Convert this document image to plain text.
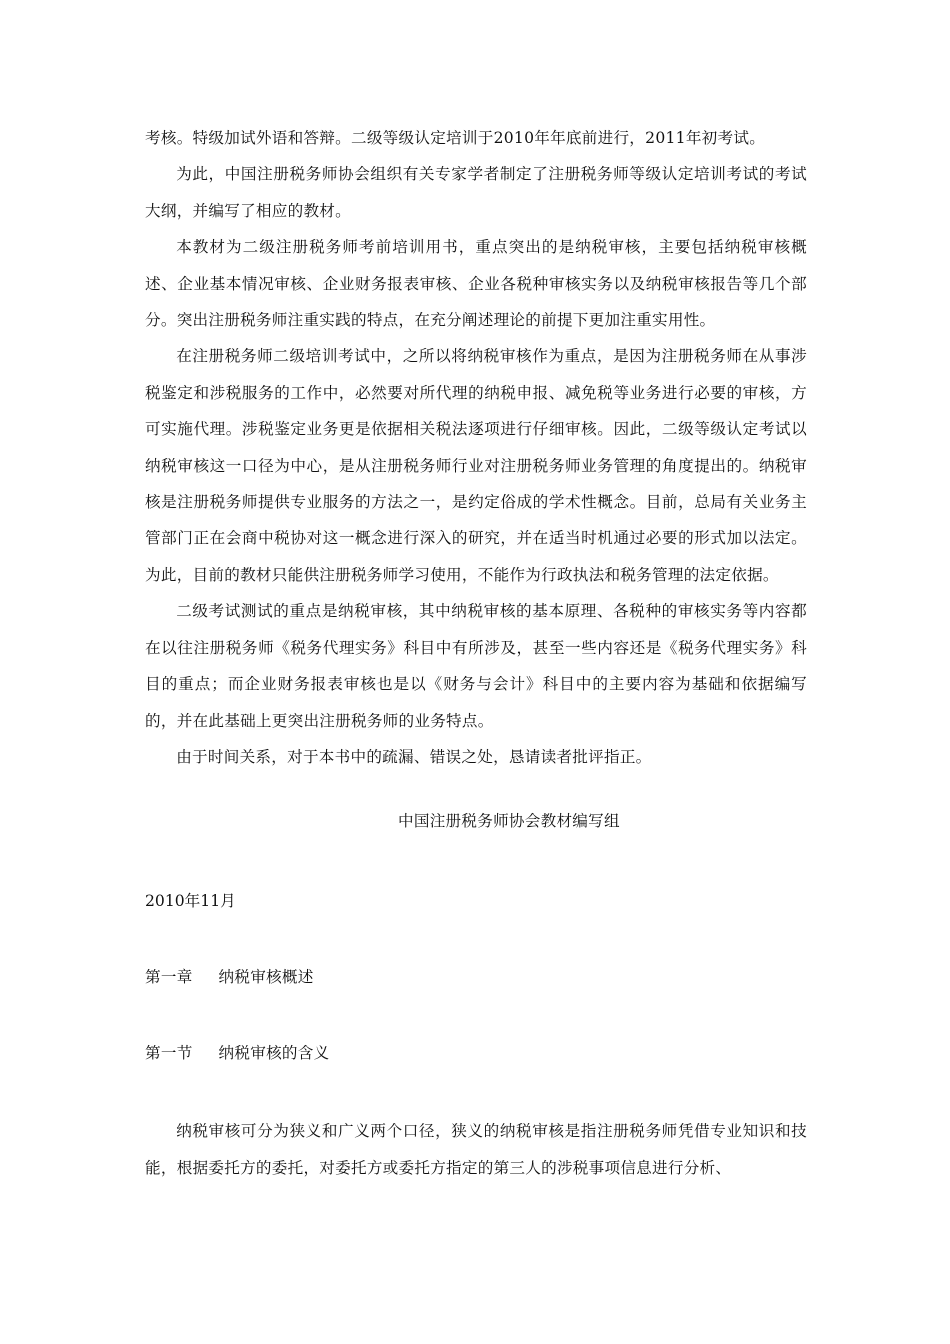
考核。特级加试外语和答辩。二级等级认定培训于2010年年底前进行，2011年初考试。

为此，中国注册税务师协会组织有关专家学者制定了注册税务师等级认定培训考试的考试大纲，并编写了相应的教材。

本教材为二级注册税务师考前培训用书，重点突出的是纳税审核，主要包括纳税审核概述、企业基本情况审核、企业财务报表审核、企业各税种审核实务以及纳税审核报告等几个部分。突出注册税务师注重实践的特点，在充分阐述理论的前提下更加注重实用性。

在注册税务师二级培训考试中，之所以将纳税审核作为重点，是因为注册税务师在从事涉税鉴定和涉税服务的工作中，必然要对所代理的纳税申报、减免税等业务进行必要的审核，方可实施代理。涉税鉴定业务更是依据相关税法逐项进行仔细审核。因此，二级等级认定考试以纳税审核这一口径为中心，是从注册税务师行业对注册税务师业务管理的角度提出的。纳税审核是注册税务师提供专业服务的方法之一，是约定俗成的学术性概念。目前，总局有关业务主管部门正在会商中税协对这一概念进行深入的研究，并在适当时机通过必要的形式加以法定。为此，目前的教材只能供注册税务师学习使用，不能作为行政执法和税务管理的法定依据。

二级考试测试的重点是纳税审核，其中纳税审核的基本原理、各税种的审核实务等内容都在以往注册税务师《税务代理实务》科目中有所涉及，甚至一些内容还是《税务代理实务》科目的重点；而企业财务报表审核也是以《财务与会计》科目中的主要内容为基础和依据编写的，并在此基础上更突出注册税务师的业务特点。

由于时间关系，对于本书中的疏漏、错误之处，恳请读者批评指正。

中国注册税务师协会教材编写组
2010年11月
第一章 纳税审核概述
第一节 纳税审核的含义

纳税审核可分为狭义和广义两个口径，狭义的纳税审核是指注册税务师凭借专业知识和技能，根据委托方的委托，对委托方或委托方指定的第三人的涉税事项信息进行分析、
